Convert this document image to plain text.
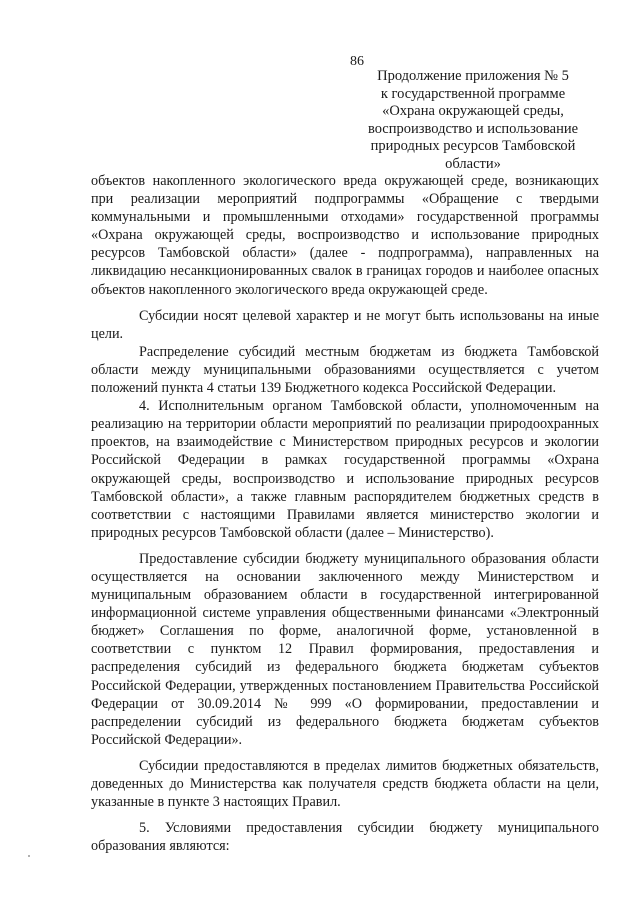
86
Продолжение приложения № 5
к государственной программе
«Охрана окружающей среды,
воспроизводство и использование
природных ресурсов Тамбовской
области»

объектов накопленного экологического вреда окружающей среде, возникающих при реализации мероприятий подпрограммы «Обращение с твердыми коммунальными и промышленными отходами» государственной программы «Охрана окружающей среды, воспроизводство и использование природных ресурсов Тамбовской области» (далее - подпрограмма), направленных на ликвидацию несанкционированных свалок в границах городов и наиболее опасных объектов накопленного экологического вреда окружающей среде.

Субсидии носят целевой характер и не могут быть использованы на иные цели.

Распределение субсидий местным бюджетам из бюджета Тамбовской области между муниципальными образованиями осуществляется с учетом положений пункта 4 статьи 139 Бюджетного кодекса Российской Федерации.

4. Исполнительным органом Тамбовской области, уполномоченным на реализацию на территории области мероприятий по реализации природоохранных проектов, на взаимодействие с Министерством природных ресурсов и экологии Российской Федерации в рамках государственной программы «Охрана окружающей среды, воспроизводство и использование природных ресурсов Тамбовской области», а также главным распорядителем бюджетных средств в соответствии с настоящими Правилами является министерство экологии и природных ресурсов Тамбовской области (далее – Министерство).

Предоставление субсидии бюджету муниципального образования области осуществляется на основании заключенного между Министерством и муниципальным образованием области в государственной интегрированной информационной системе управления общественными финансами «Электронный бюджет» Соглашения по форме, аналогичной форме, установленной в соответствии с пунктом 12 Правил формирования, предоставления и распределения субсидий из федерального бюджета бюджетам субъектов Российской Федерации, утвержденных постановлением Правительства Российской Федерации от 30.09.2014 № 999 «О формировании, предоставлении и распределении субсидий из федерального бюджета бюджетам субъектов Российской Федерации».

Субсидии предоставляются в пределах лимитов бюджетных обязательств, доведенных до Министерства как получателя средств бюджета области на цели, указанные в пункте 3 настоящих Правил.

5. Условиями предоставления субсидии бюджету муниципального образования являются:
